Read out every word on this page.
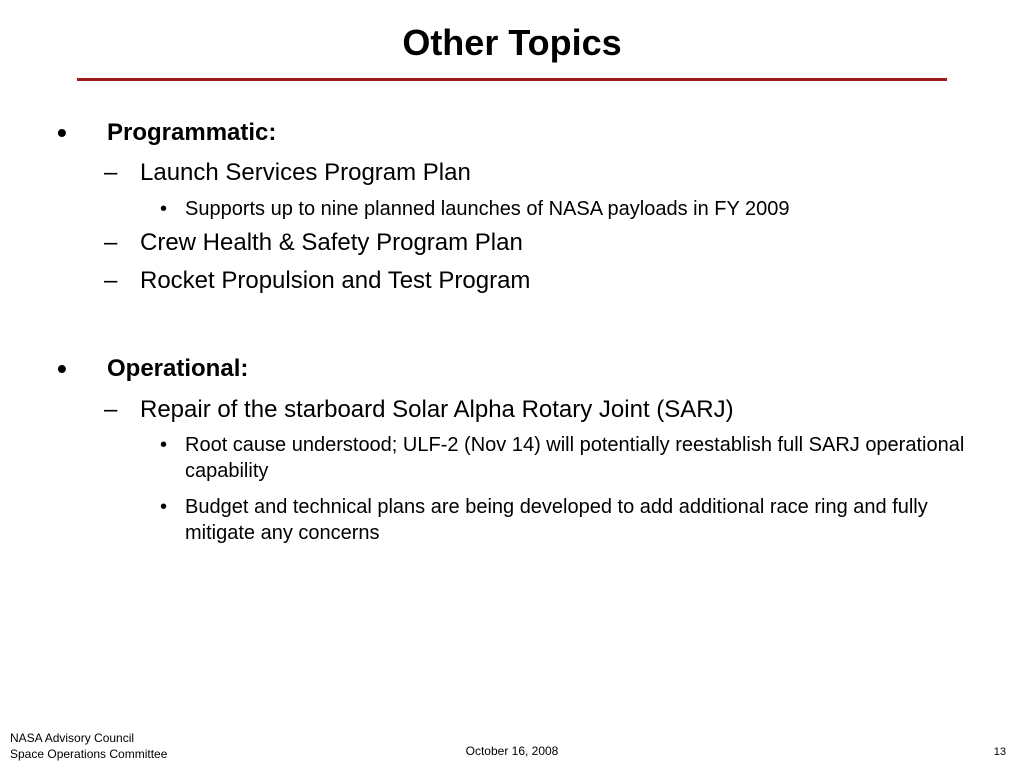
Other Topics
• Programmatic:
– Launch Services Program Plan
• Supports up to nine planned launches of NASA payloads in FY 2009
– Crew Health & Safety Program Plan
– Rocket Propulsion and Test Program
• Operational:
– Repair of the starboard Solar Alpha Rotary Joint (SARJ)
• Root cause understood; ULF-2 (Nov 14) will potentially reestablish full SARJ operational capability
• Budget and technical plans are being developed to add additional race ring and fully mitigate any concerns
NASA Advisory Council
Space Operations Committee	October 16, 2008	13
